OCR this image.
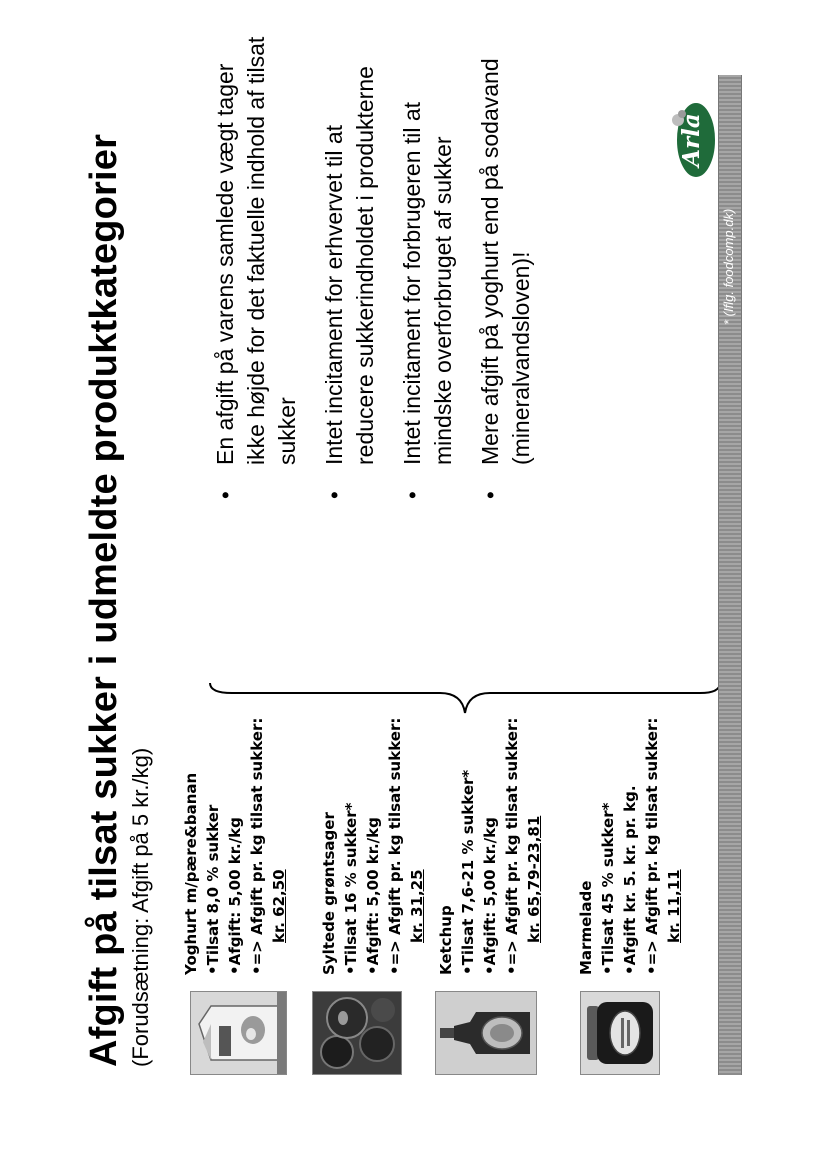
Afgift på tilsat sukker i udmeldte produktkategorier (Forudsætning: Afgift på 5 kr./kg) Yoghurt m/pære&banan •Tilsat 8,0 % sukker •Afgift: 5,00 kr./kg •=> Afgift pr. kg tilsat sukker: kr. 62,50 Syltede grøntsager •Tilsat 16 % sukker* •Afgift: 5,00 kr./kg •=> Afgift pr. kg tilsat sukker: kr. 31,25 Ketchup •Tilsat 7,6-21 % sukker* •Afgift: 5,00 kr./kg •=> Afgift pr. kg tilsat sukker: kr. 65,79-23,81 Marmelade •Tilsat 45 % sukker* •Afgift kr. 5. kr. pr. kg. •=> Afgift pr. kg tilsat sukker: kr. 11,11
•
En afgift på varens samlede vægt tager ikke højde for det faktuelle indhold af tilsat sukker
•
Intet incitament for erhvervet til at reducere sukkerindholdet i produkterne
•
Intet incitament for forbrugeren til at mindske overforbruget af sukker
•
Mere afgift på yoghurt end på sodavand (mineralvandsloven)!	* (Iflg. foodcomp.dk)
Arla
